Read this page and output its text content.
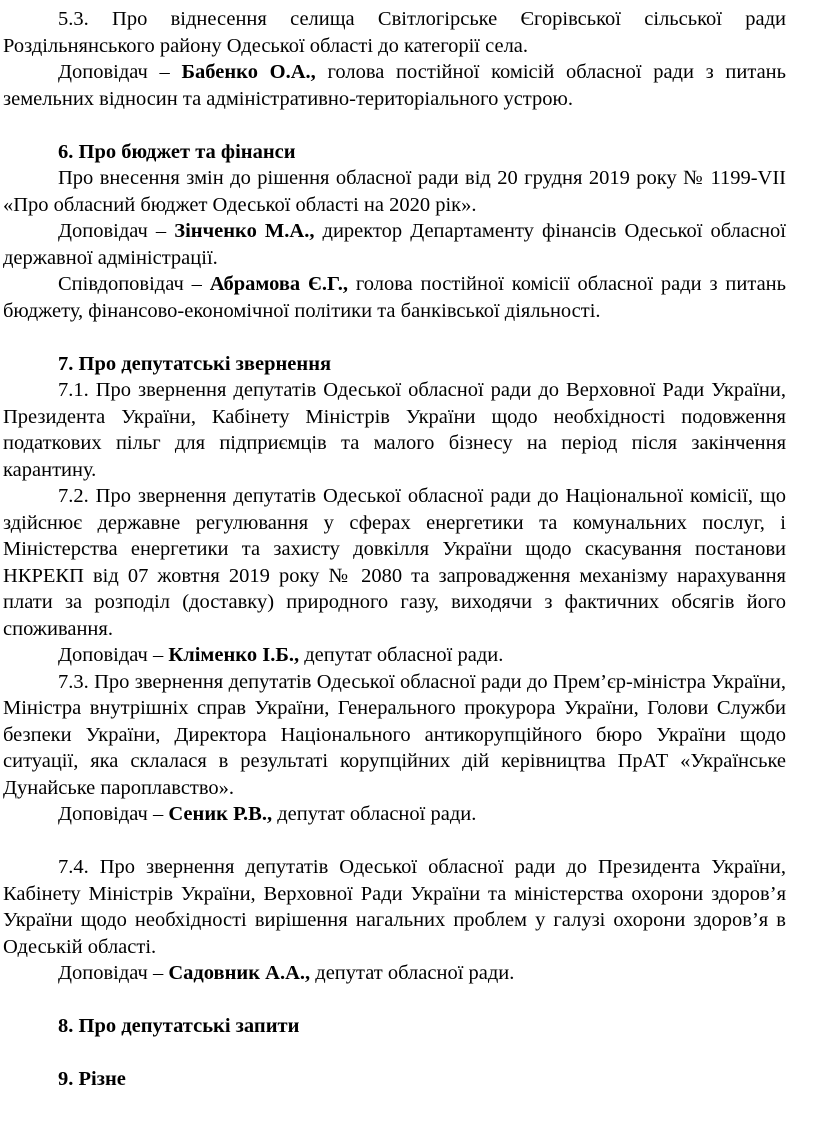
5.3. Про віднесення селища Світлогірське Єгорівської сільської ради Роздільнянського району Одеської області до категорії села.

Доповідач – Бабенко О.А., голова постійної комісій обласної ради з питань земельних відносин та адміністративно-територіального устрою.

6. Про бюджет та фінанси

Про внесення змін до рішення обласної ради від 20 грудня 2019 року № 1199-VII «Про обласний бюджет Одеської області на 2020 рік».

Доповідач – Зінченко М.А., директор Департаменту фінансів Одеської обласної державної адміністрації.

Співдоповідач – Абрамова Є.Г., голова постійної комісії обласної ради з питань бюджету, фінансово-економічної політики та банківської діяльності.

7. Про депутатські звернення

7.1. Про звернення депутатів Одеської обласної ради до Верховної Ради України, Президента України, Кабінету Міністрів України щодо необхідності подовження податкових пільг для підприємців та малого бізнесу на період після закінчення карантину.

7.2. Про звернення депутатів Одеської обласної ради до Національної комісії, що здійснює державне регулювання у сферах енергетики та комунальних послуг, і Міністерства енергетики та захисту довкілля України щодо скасування постанови НКРЕКП від 07 жовтня 2019 року № 2080 та запровадження механізму нарахування плати за розподіл (доставку) природного газу, виходячи з фактичних обсягів його споживання.

Доповідач – Кліменко І.Б., депутат обласної ради.

7.3. Про звернення депутатів Одеської обласної ради до Прем’єр-міністра України, Міністра внутрішніх справ України, Генерального прокурора України, Голови Служби безпеки України, Директора Національного антикорупційного бюро України щодо ситуації, яка склалася в результаті корупційних дій керівництва ПрАТ «Українське Дунайське пароплавство».

Доповідач – Сеник Р.В., депутат обласної ради.

7.4. Про звернення депутатів Одеської обласної ради до Президента України, Кабінету Міністрів України, Верховної Ради України та міністерства охорони здоров’я України щодо необхідності вирішення нагальних проблем у галузі охорони здоров’я в Одеській області.

Доповідач – Садовник А.А., депутат обласної ради.

8. Про депутатські запити

9. Різне
